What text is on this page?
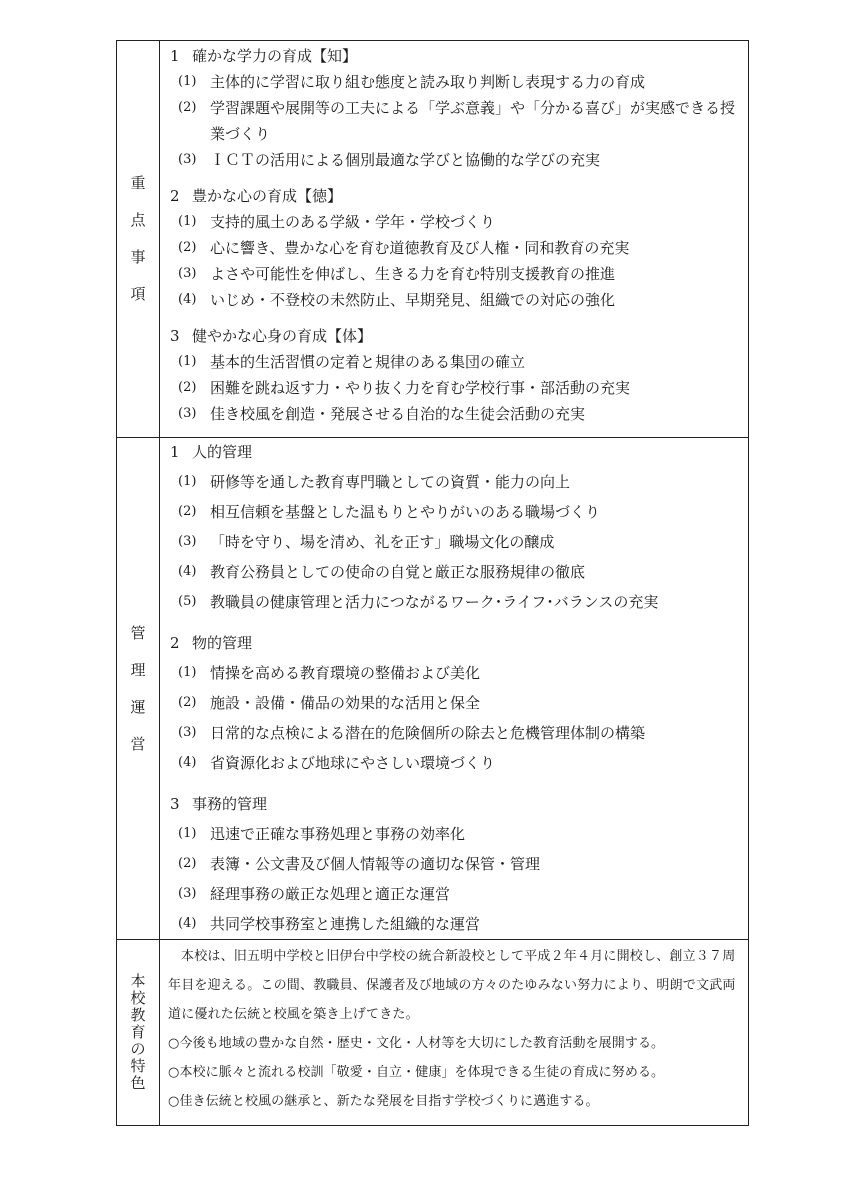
重
点
事
項
1 確かな学力の育成【知】
(1) 主体的に学習に取り組む態度と読み取り判断し表現する力の育成
(2) 学習課題や展開等の工夫による「学ぶ意義」や「分かる喜び」が実感できる授業づくり
(3) ＩＣＴの活用による個別最適な学びと協働的な学びの充実
2 豊かな心の育成【徳】
(1) 支持的風土のある学級・学年・学校づくり
(2) 心に響き、豊かな心を育む道徳教育及び人権・同和教育の充実
(3) よさや可能性を伸ばし、生きる力を育む特別支援教育の推進
(4) いじめ・不登校の未然防止、早期発見、組織での対応の強化
3 健やかな心身の育成【体】
(1) 基本的生活習慣の定着と規律のある集団の確立
(2) 困難を跳ね返す力・やり抜く力を育む学校行事・部活動の充実
(3) 佳き校風を創造・発展させる自治的な生徒会活動の充実
管
理
運
営
1 人的管理
(1) 研修等を通した教育専門職としての資質・能力の向上
(2) 相互信頼を基盤とした温もりとやりがいのある職場づくり
(3) 「時を守り、場を清め、礼を正す」職場文化の醸成
(4) 教育公務員としての使命の自覚と厳正な服務規律の徹底
(5) 教職員の健康管理と活力につながるワーク･ライフ･バランスの充実
2 物的管理
(1) 情操を高める教育環境の整備および美化
(2) 施設・設備・備品の効果的な活用と保全
(3) 日常的な点検による潜在的危険個所の除去と危機管理体制の構築
(4) 省資源化および地球にやさしい環境づくり
3 事務的管理
(1) 迅速で正確な事務処理と事務の効率化
(2) 表簿・公文書及び個人情報等の適切な保管・管理
(3) 経理事務の厳正な処理と適正な運営
(4) 共同学校事務室と連携した組織的な運営
本
校
教
育
の
特
色

本校は、旧五明中学校と旧伊台中学校の統合新設校として平成２年４月に開校し、創立３７周年目を迎える。この間、教職員、保護者及び地域の方々のたゆみない努力により、明朗で文武両道に優れた伝統と校風を築き上げてきた。

○今後も地域の豊かな自然・歴史・文化・人材等を大切にした教育活動を展開する。

○本校に脈々と流れる校訓「敬愛・自立・健康」を体現できる生徒の育成に努める。

○佳き伝統と校風の継承と、新たな発展を目指す学校づくりに邁進する。
